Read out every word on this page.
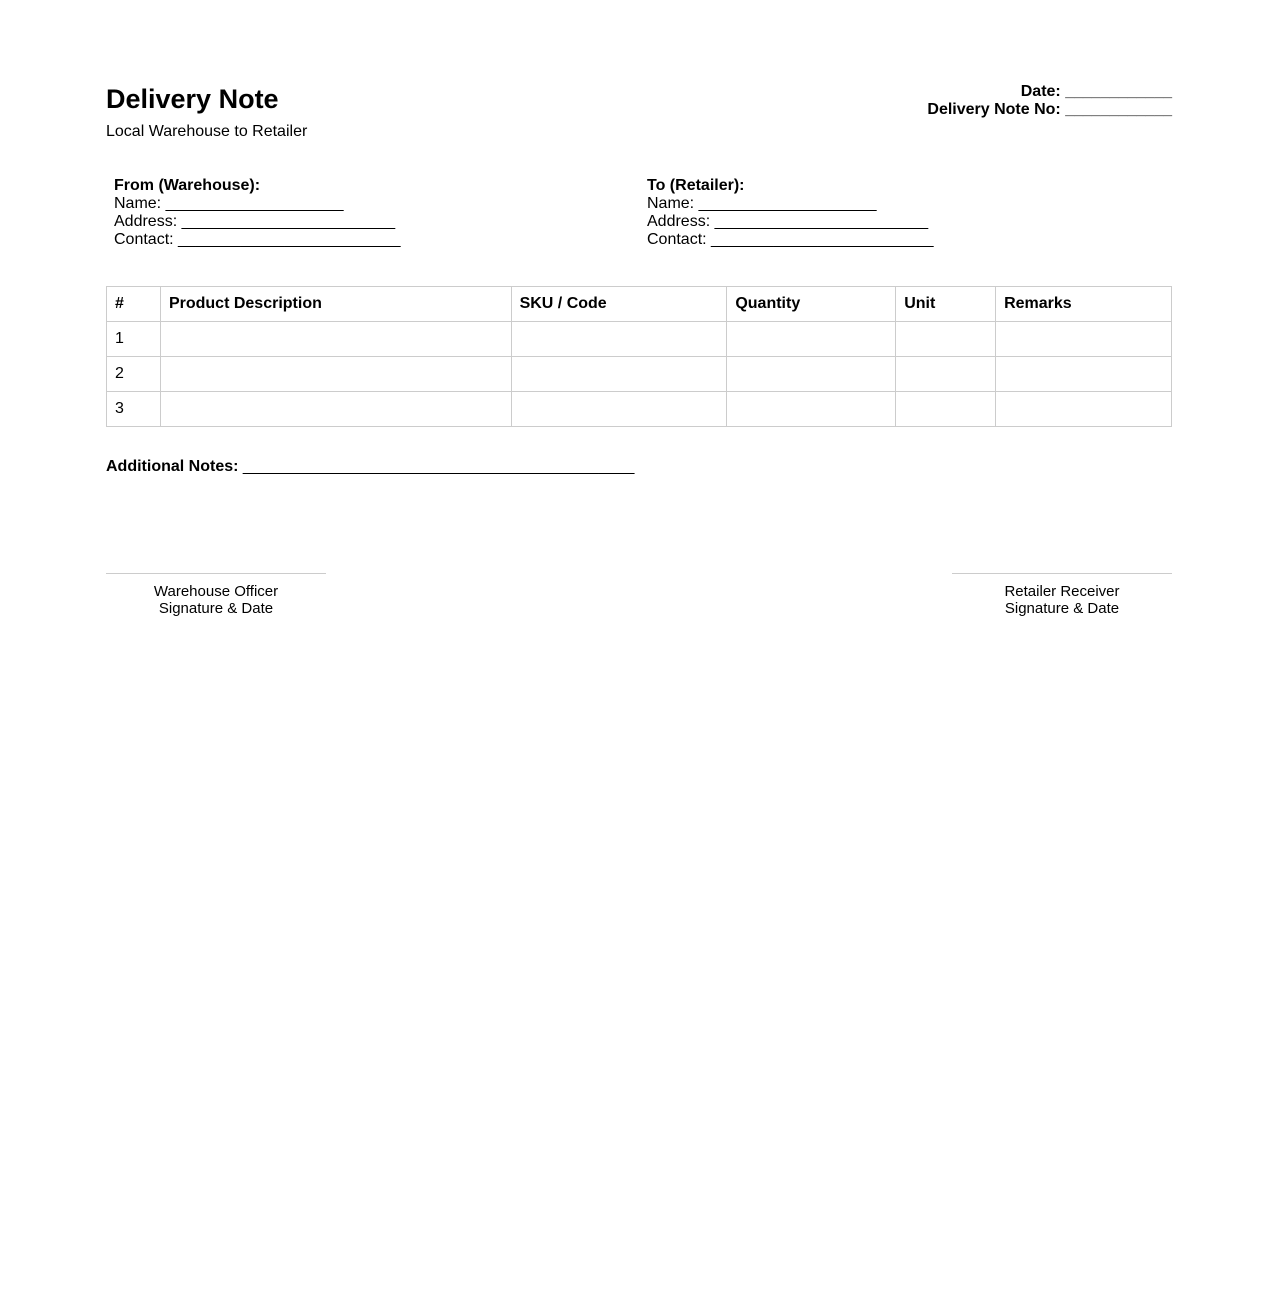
Delivery Note
Local Warehouse to Retailer
Date: ____________
Delivery Note No: ____________
From (Warehouse):
Name: ____________________
Address: ________________________
Contact: _________________________
To (Retailer):
Name: ____________________
Address: ________________________
Contact: _________________________
#	Product Description	SKU / Code	Quantity	Unit	Remarks
1					
2					
3					
Additional Notes: ____________________________________________
Warehouse Officer
Signature & Date
Retailer Receiver
Signature & Date
